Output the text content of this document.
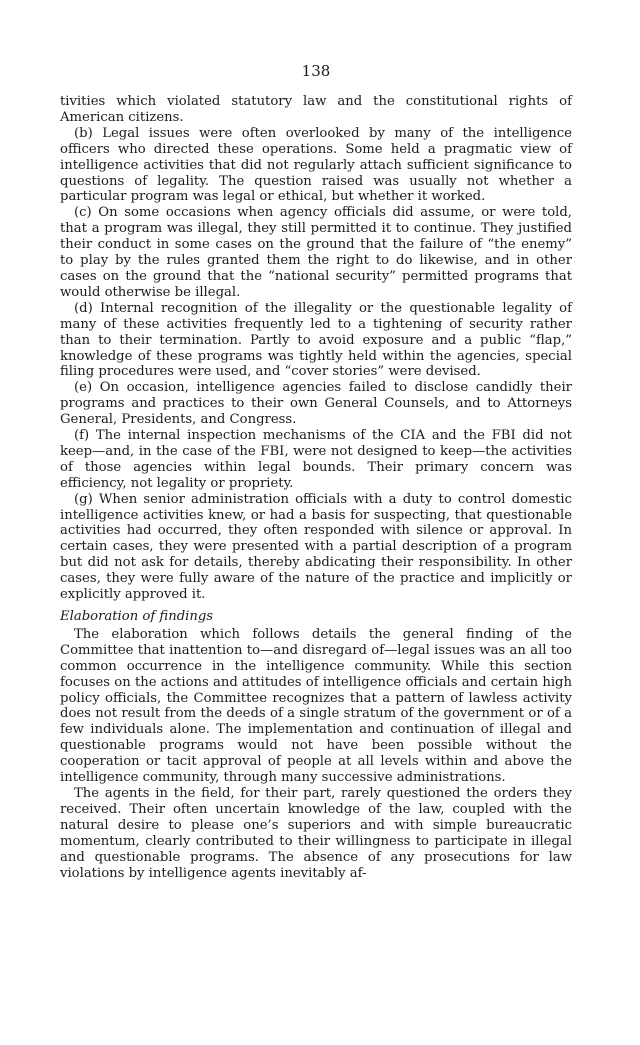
138

tivities which violated statutory law and the constitutional rights of American citizens.

(b) Legal issues were often overlooked by many of the intelligence officers who directed these operations. Some held a pragmatic view of intelligence activities that did not regularly attach sufficient significance to questions of legality. The question raised was usually not whether a particular program was legal or ethical, but whether it worked.

(c) On some occasions when agency officials did assume, or were told, that a program was illegal, they still permitted it to continue. They justified their conduct in some cases on the ground that the failure of “the enemy” to play by the rules granted them the right to do likewise, and in other cases on the ground that the “national security” permitted programs that would otherwise be illegal.

(d) Internal recognition of the illegality or the questionable legality of many of these activities frequently led to a tightening of security rather than to their termination. Partly to avoid exposure and a public “flap,” knowledge of these programs was tightly held within the agencies, special filing procedures were used, and “cover stories” were devised.

(e) On occasion, intelligence agencies failed to disclose candidly their programs and practices to their own General Counsels, and to Attorneys General, Presidents, and Congress.

(f) The internal inspection mechanisms of the CIA and the FBI did not keep—and, in the case of the FBI, were not designed to keep—the activities of those agencies within legal bounds. Their primary concern was efficiency, not legality or propriety.

(g) When senior administration officials with a duty to control domestic intelligence activities knew, or had a basis for suspecting, that questionable activities had occurred, they often responded with silence or approval. In certain cases, they were presented with a partial description of a program but did not ask for details, thereby abdicating their responsibility. In other cases, they were fully aware of the nature of the practice and implicitly or explicitly approved it.

Elaboration of findings

The elaboration which follows details the general finding of the Committee that inattention to—and disregard of—legal issues was an all too common occurrence in the intelligence community. While this section focuses on the actions and attitudes of intelligence officials and certain high policy officials, the Committee recognizes that a pattern of lawless activity does not result from the deeds of a single stratum of the government or of a few individuals alone. The implementation and continuation of illegal and questionable programs would not have been possible without the cooperation or tacit approval of people at all levels within and above the intelligence community, through many successive administrations.

The agents in the field, for their part, rarely questioned the orders they received. Their often uncertain knowledge of the law, coupled with the natural desire to please one’s superiors and with simple bureaucratic momentum, clearly contributed to their willingness to participate in illegal and questionable programs. The absence of any prosecutions for law violations by intelligence agents inevitably af-
